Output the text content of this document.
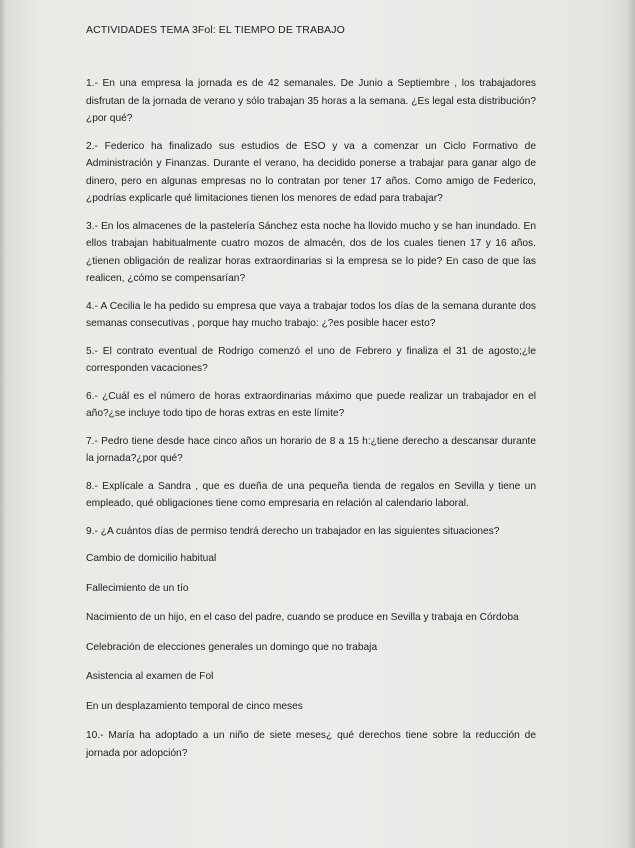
ACTIVIDADES TEMA 3Fol: EL TIEMPO DE TRABAJO

1.- En una empresa la jornada es de 42 semanales. De Junio a Septiembre , los trabajadores disfrutan de la jornada de verano y sólo trabajan 35 horas a la semana. ¿Es legal esta distribución? ¿por qué?

2.- Federico ha finalizado sus estudios de ESO y va a comenzar un Ciclo Formativo de Administración y Finanzas. Durante el verano, ha decidido ponerse a trabajar para ganar algo de dinero, pero en algunas empresas no lo contratan por tener 17 años. Como amigo de Federico, ¿podrías explicarle qué limitaciones tienen los menores de edad para trabajar?

3.- En los almacenes de la pastelería Sánchez esta noche ha llovido mucho y se han inundado. En ellos trabajan habitualmente cuatro mozos de almacén, dos de los cuales tienen 17 y 16 años. ¿tienen obligación de realizar horas extraordinarias si la empresa se lo pide? En caso de que las realicen, ¿cómo se compensarían?

4.- A Cecilia le ha pedido su empresa que vaya a trabajar todos los días de la semana durante dos semanas consecutivas , porque hay mucho trabajo: ¿?es posible hacer esto?

5.- El contrato eventual de Rodrigo comenzó el uno de Febrero y finaliza el 31 de agosto;¿le corresponden vacaciones?

6.- ¿Cuál es el número de horas extraordinarias máximo que puede realizar un trabajador en el año?¿se incluye todo tipo de horas extras en este límite?

7.- Pedro tiene desde hace cinco años un horario de 8 a 15 h:¿tiene derecho a descansar durante la jornada?¿por qué?

8.- Explícale a Sandra , que es dueña de una pequeña tienda de regalos en Sevilla y tiene un empleado, qué obligaciones tiene como empresaria en relación al calendario laboral.

9.- ¿A cuántos días de permiso tendrá derecho un trabajador en las siguientes situaciones?

Cambio de domicilio habitual

Fallecimiento de un tío

Nacimiento de un hijo, en el caso del padre, cuando se produce en Sevilla y trabaja en Córdoba

Celebración de elecciones generales un domingo que no trabaja

Asistencia al examen de Fol

En un desplazamiento temporal de cinco meses

10.- María ha adoptado a un niño de siete meses¿ qué derechos tiene sobre la reducción de jornada por adopción?
